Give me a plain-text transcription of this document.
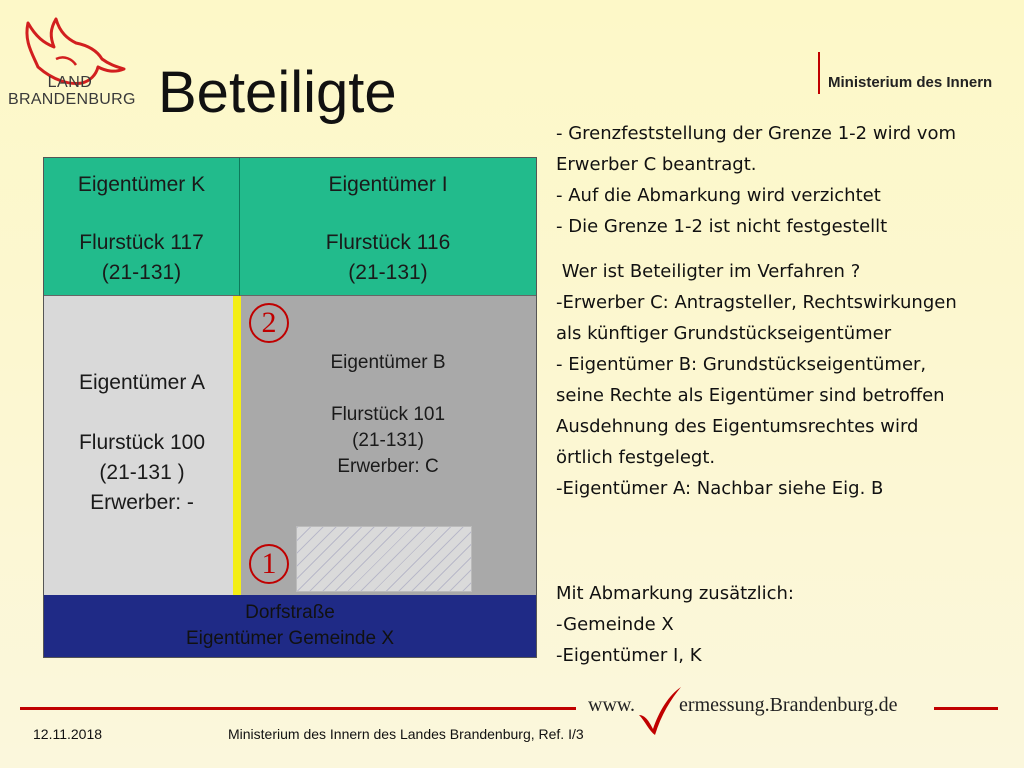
LAND
BRANDENBURG Beteiligte	Ministerium des Innern
Eigentümer K
Flurstück 117
(21-131)
Eigentümer I
Flurstück 116
(21-131)
Eigentümer A
Flurstück 100
(21-131 )
Erwerber: -
Eigentümer B
Flurstück 101
(21-131)
Erwerber: C
2
1
Dorfstraße
Eigentümer Gemeinde X
- Grenzfeststellung der Grenze 1-2 wird vom
Erwerber C beantragt.
- Auf die Abmarkung wird verzichtet
- Die Grenze 1-2 ist nicht festgestellt
Wer ist Beteiligter im Verfahren ?
-Erwerber C: Antragsteller, Rechtswirkungen
als künftiger Grundstückseigentümer
- Eigentümer B: Grundstückseigentümer,
seine Rechte als Eigentümer sind betroffen
Ausdehnung des Eigentumsrechtes wird
örtlich festgelegt.
-Eigentümer A: Nachbar siehe Eig. B
Mit Abmarkung zusätzlich:
-Gemeinde X
-Eigentümer I, K
www. ermessung.Brandenburg.de
12.11.2018	Ministerium des Innern des Landes Brandenburg, Ref. I/3
